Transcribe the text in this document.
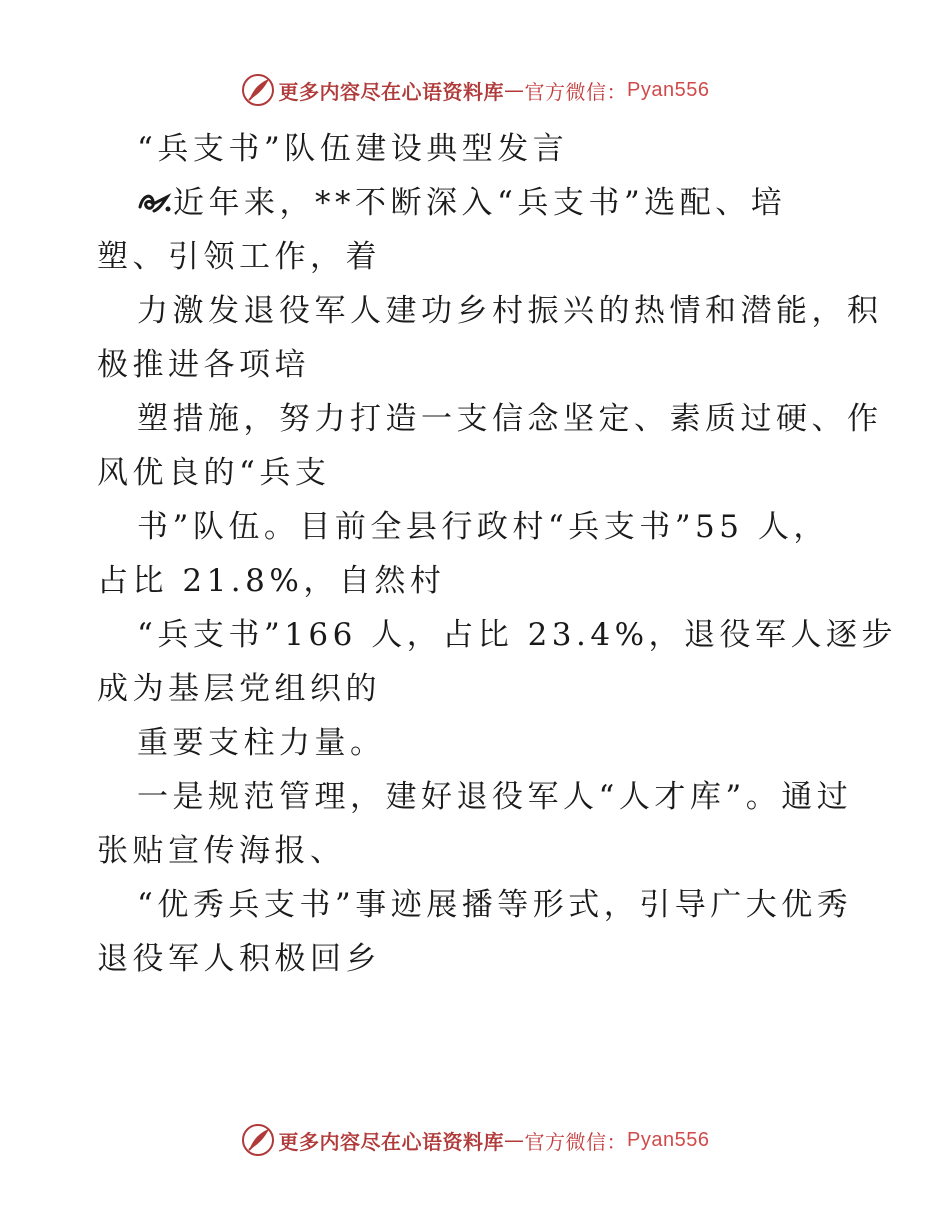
更多内容尽在心语资料库 — 官方微信： Pyan556
“兵支书”队伍建设典型发言
近年来，**不断深入“兵支书”选配、培
塑、引领工作，着
力激发退役军人建功乡村振兴的热情和潜能，积
极推进各项培
塑措施，努力打造一支信念坚定、素质过硬、作
风优良的“兵支
书”队伍。目前全县行政村“兵支书”55 人，
占比 21.8%，自然村
“兵支书”166 人，占比 23.4%，退役军人逐步
成为基层党组织的
重要支柱力量。
一是规范管理，建好退役军人“人才库”。通过
张贴宣传海报、
“优秀兵支书”事迹展播等形式，引导广大优秀
退役军人积极回乡
更多内容尽在心语资料库 — 官方微信： Pyan556
